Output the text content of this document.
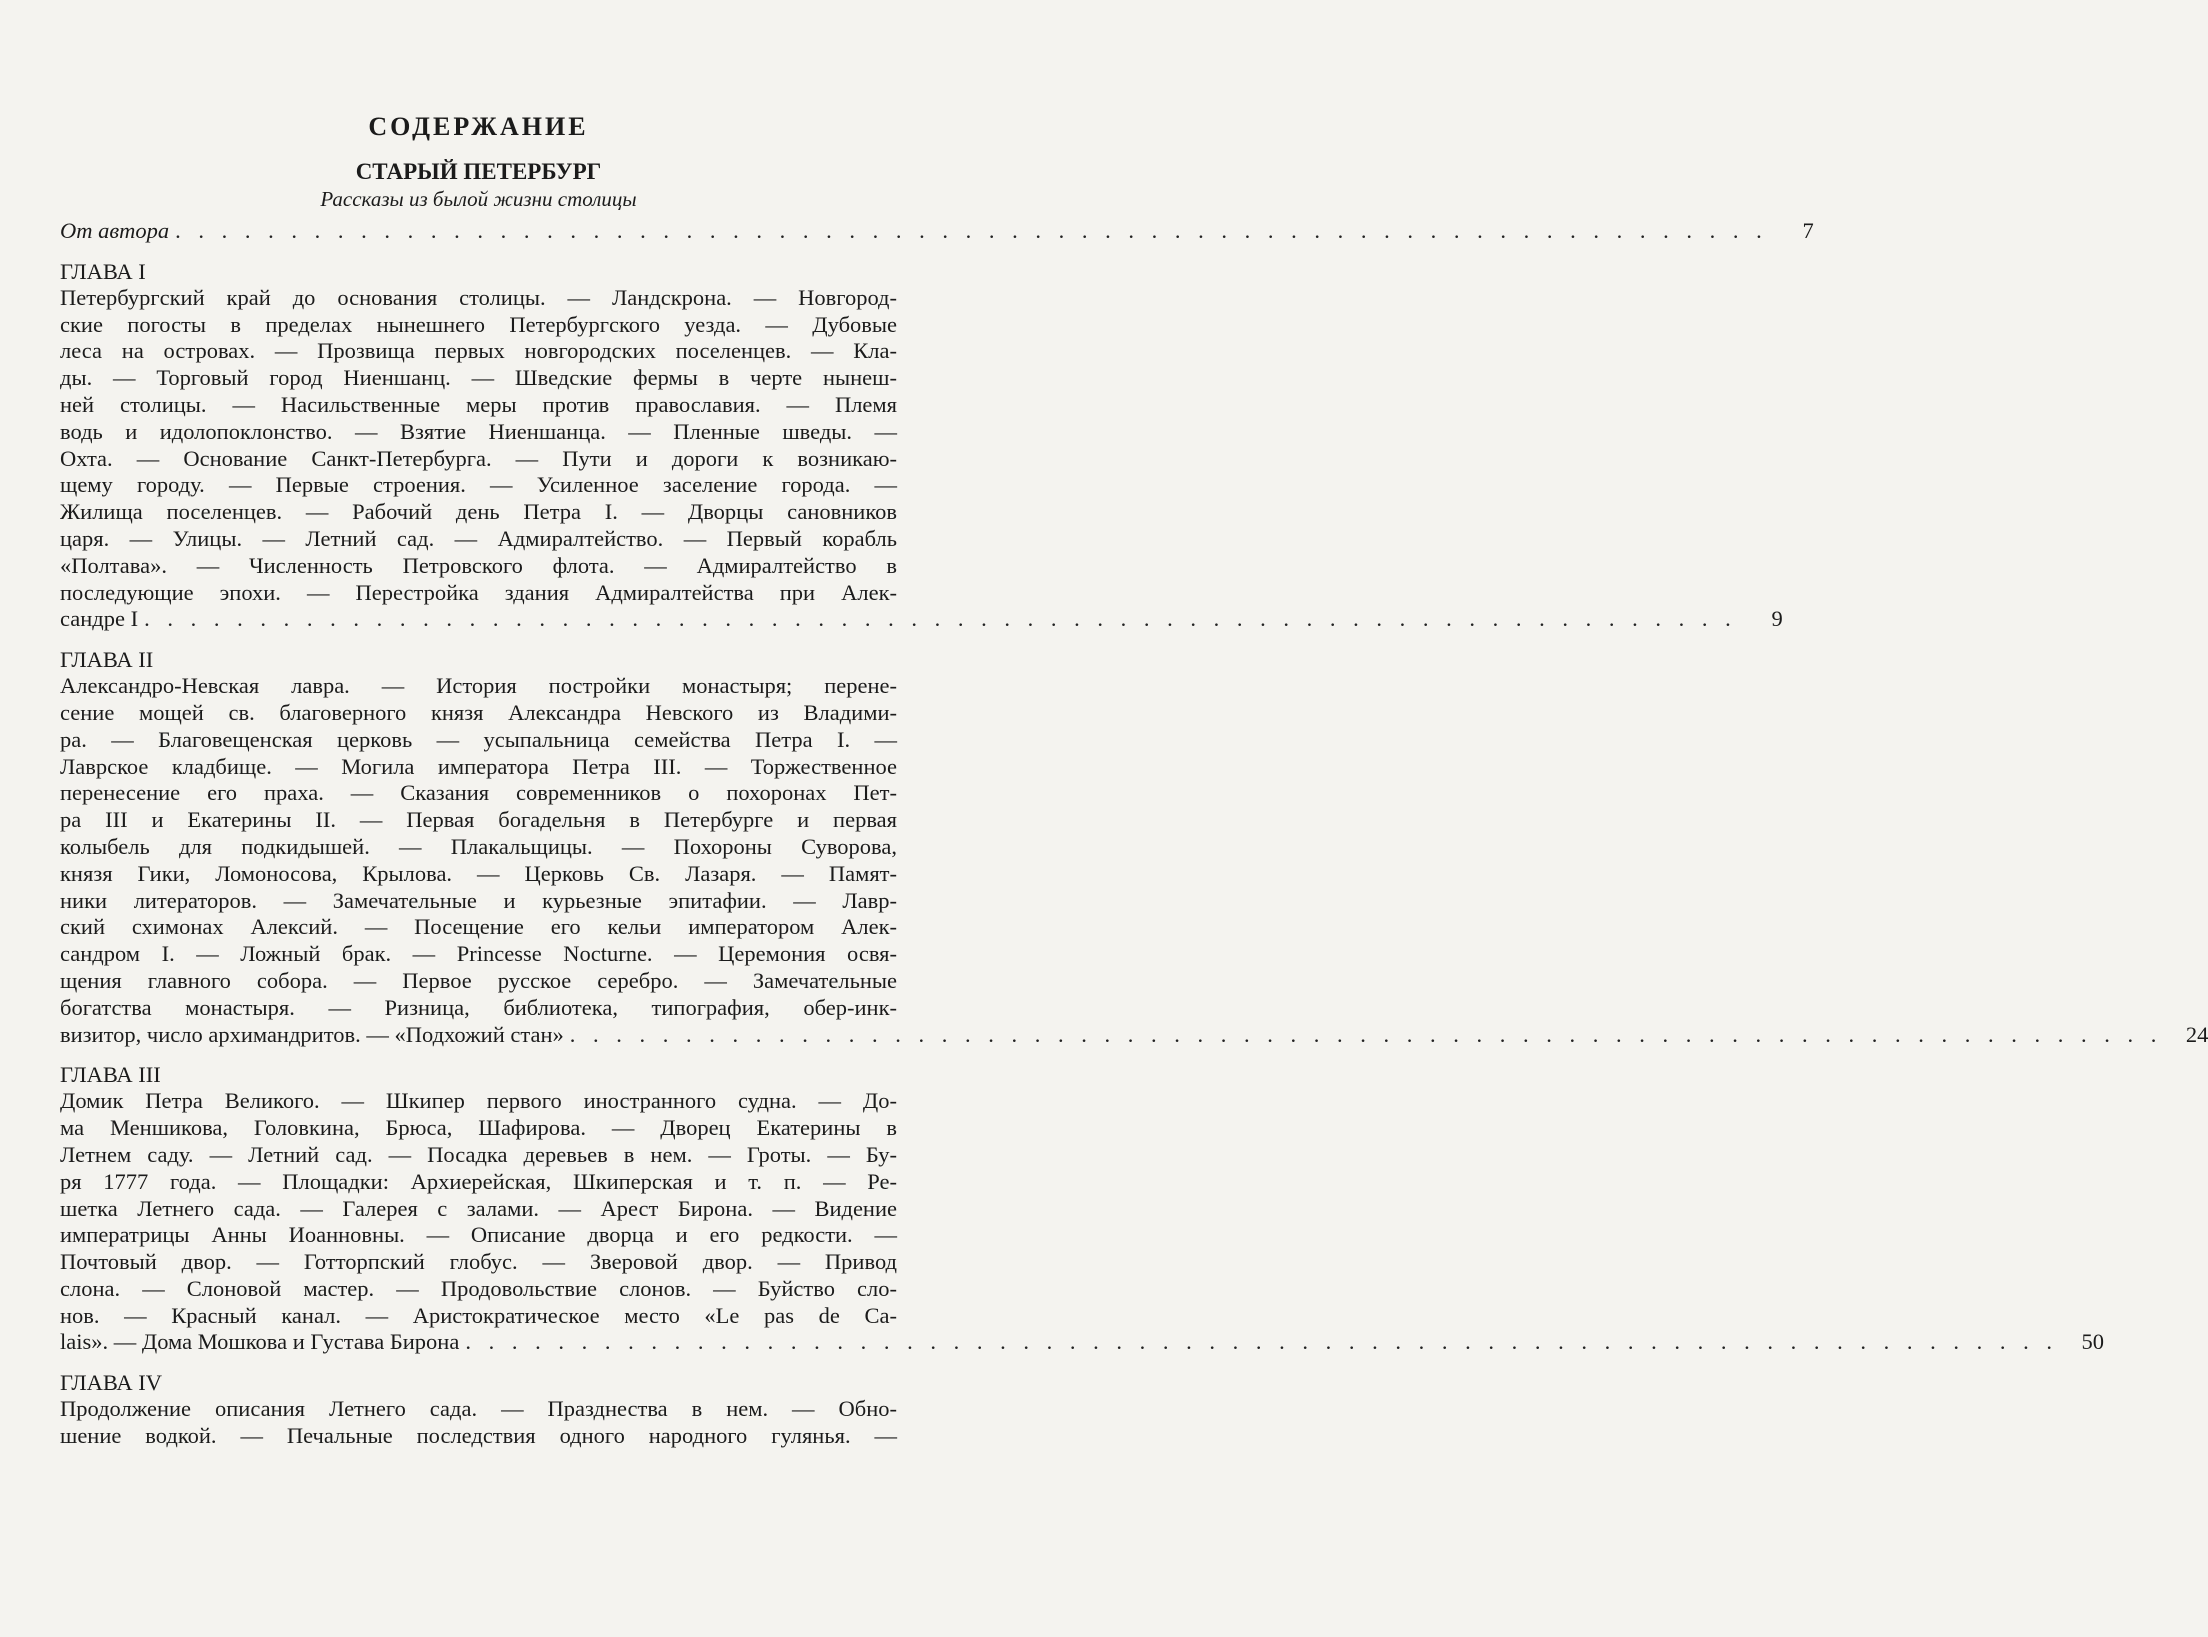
СОДЕРЖАНИЕ
СТАРЫЙ ПЕТЕРБУРГ
Рассказы из былой жизни столицы
От автора . . . . . . . . . . . . . . . . . . . . . . . . . . . . . . . . . . . . . . . . . . . . . . . . . . . . . . . . . . . . . . . . . . . . .	7
ГЛАВА I
Петербургский край до основания столицы. — Ландскрона. — Новгород-
ские погосты в пределах нынешнего Петербургского уезда. — Дубовые
леса на островах. — Прозвища первых новгородских поселенцев. — Кла-
ды. — Торговый город Ниеншанц. — Шведские фермы в черте нынеш-
ней столицы. — Насильственные меры против православия. — Племя
водь и идолопоклонство. — Взятие Ниеншанца. — Пленные шведы. —
Охта. — Основание Санкт-Петербурга. — Пути и дороги к возникаю-
щему городу. — Первые строения. — Усиленное заселение города. —
Жилища поселенцев. — Рабочий день Петра I. — Дворцы сановников
царя. — Улицы. — Летний сад. — Адмиралтейство. — Первый корабль
«Полтава». — Численность Петровского флота. — Адмиралтейство в
последующие эпохи. — Перестройка здания Адмиралтейства при Алек-
сандре I . . . . . . . . . . . . . . . . . . . . . . . . . . . . . . . . . . . . . . . . . . . . . . . . . . . . . . . . . . . . . . . . . . . . .	9
ГЛАВА II
Александро-Невская лавра. — История постройки монастыря; перене-
сение мощей св. благоверного князя Александра Невского из Владими-
ра. — Благовещенская церковь — усыпальница семейства Петра I. —
Лаврское кладбище. — Могила императора Петра III. — Торжественное
перенесение его праха. — Сказания современников о похоронах Пет-
ра III и Екатерины II. — Первая богадельня в Петербурге и первая
колыбель для подкидышей. — Плакальщицы. — Похороны Суворова,
князя Гики, Ломоносова, Крылова. — Церковь Св. Лазаря. — Памят-
ники литераторов. — Замечательные и курьезные эпитафии. — Лавр-
ский схимонах Алексий. — Посещение его кельи императором Алек-
сандром I. — Ложный брак. — Princesse Nocturne. — Церемония освя-
щения главного собора. — Первое русское серебро. — Замечательные
богатства монастыря. — Ризница, библиотека, типография, обер-инк-
визитор, число архимандритов. — «Подхожий стан» . . . . . . . . . . . . . . . . . . . . . . . . . . . . . . . . . . . . . . . . . . . . . . . . . . . . . . . . . . . . . . . . . . . . .	24
ГЛАВА III
Домик Петра Великого. — Шкипер первого иностранного судна. — До-
ма Меншикова, Головкина, Брюса, Шафирова. — Дворец Екатерины в
Летнем саду. — Летний сад. — Посадка деревьев в нем. — Гроты. — Бу-
ря 1777 года. — Площадки: Архиерейская, Шкиперская и т. п. — Ре-
шетка Летнего сада. — Галерея с залами. — Арест Бирона. — Видение
императрицы Анны Иоанновны. — Описание дворца и его редкости. —
Почтовый двор. — Готторпский глобус. — Зверовой двор. — Привод
слона. — Слоновой мастер. — Продовольствие слонов. — Буйство сло-
нов. — Красный канал. — Аристократическое место «Le pas de Ca-
lais». — Дома Мошкова и Густава Бирона . . . . . . . . . . . . . . . . . . . . . . . . . . . . . . . . . . . . . . . . . . . . . . . . . . . . . . . . . . . . . . . . . . . . .	50
ГЛАВА IV
Продолжение описания Летнего сада. — Празднества в нем. — Обно-
шение водкой. — Печальные последствия одного народного гулянья. —
